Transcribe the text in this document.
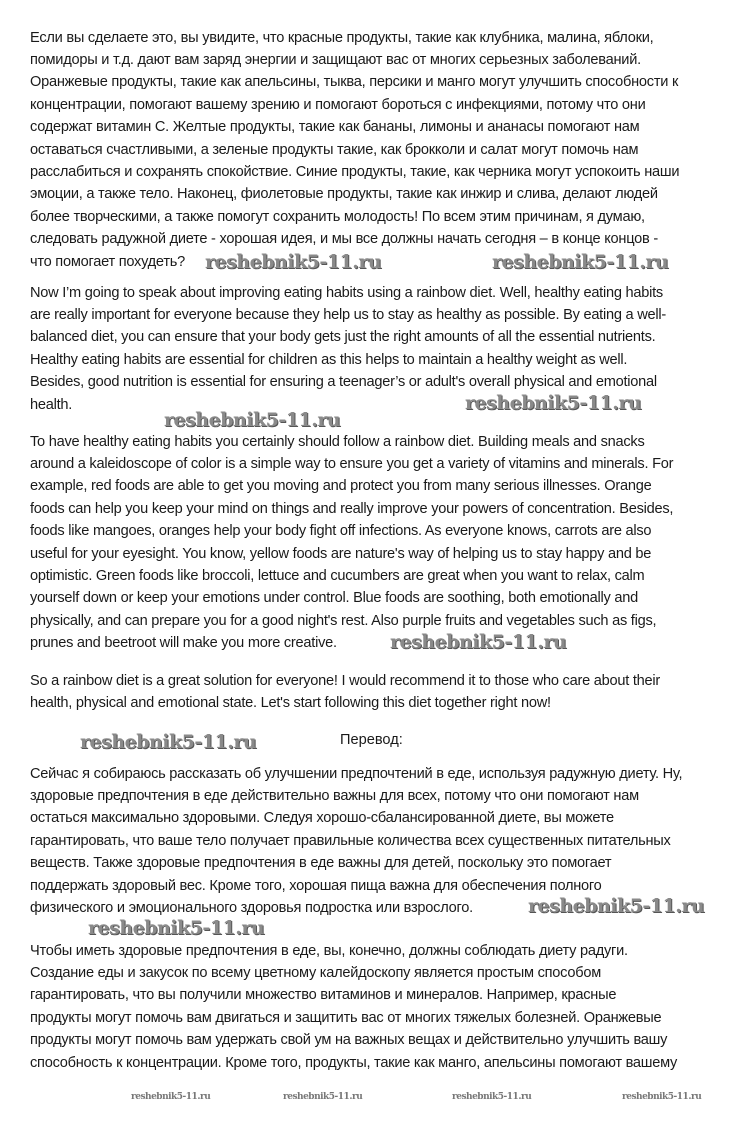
Если вы сделаете это, вы увидите, что красные продукты, такие как клубника, малина, яблоки,
помидоры и т.д. дают вам заряд энергии и защищают вас от многих серьезных заболеваний.
Оранжевые продукты, такие как апельсины, тыква, персики и манго могут улучшить способности к
концентрации, помогают вашему зрению и помогают бороться с инфекциями, потому что они
содержат витамин С. Желтые продукты, такие как бананы, лимоны и ананасы помогают нам
оставаться счастливыми, а зеленые продукты такие, как брокколи и салат могут помочь нам
расслабиться и сохранять спокойствие. Синие продукты, такие, как черника могут успокоить наши
эмоции, а также тело. Наконец, фиолетовые продукты, такие как инжир и слива, делают людей
более творческими, а также помогут сохранить молодость! По всем этим причинам, я думаю,
следовать радужной диете - хорошая идея, и мы все должны начать сегодня – в конце концов -
что помогает похудеть?

Now I’m going to speak about improving eating habits using a rainbow diet. Well, healthy eating habits
are really important for everyone because they help us to stay as healthy as possible. By eating a well-
balanced diet, you can ensure that your body gets just the right amounts of all the essential nutrients.
Healthy eating habits are essential for children as this helps to maintain a healthy weight as well.
Besides, good nutrition is essential for ensuring a teenager’s or adult's overall physical and emotional
health.

To have healthy eating habits you certainly should follow a rainbow diet. Building meals and snacks
around a kaleidoscope of color is a simple way to ensure you get a variety of vitamins and minerals. For
example, red foods are able to get you moving and protect you from many serious illnesses. Orange
foods can help you keep your mind on things and really improve your powers of concentration. Besides,
foods like mangoes, oranges help your body fight off infections. As everyone knows, carrots are also
useful for your eyesight. You know, yellow foods are nature's way of helping us to stay happy and be
optimistic. Green foods like broccoli, lettuce and cucumbers are great when you want to relax, calm
yourself down or keep your emotions under control. Blue foods are soothing, both emotionally and
physically, and can prepare you for a good night's rest. Also purple fruits and vegetables such as figs,
prunes and beetroot will make you more creative.

So a rainbow diet is a great solution for everyone! I would recommend it to those who care about their
health, physical and emotional state. Let's start following this diet together right now!

Перевод:

Сейчас я собираюсь рассказать об улучшении предпочтений в еде, используя радужную диету. Ну,
здоровые предпочтения в еде действительно важны для всех, потому что они помогают нам
остаться максимально здоровыми. Следуя хорошо-сбалансированной диете, вы можете
гарантировать, что ваше тело получает правильные количества всех существенных питательных
веществ. Также здоровые предпочтения в еде важны для детей, поскольку это помогает
поддержать здоровый вес. Кроме того, хорошая пища важна для обеспечения полного
физического и эмоционального здоровья подростка или взрослого.

Чтобы иметь здоровые предпочтения в еде, вы, конечно, должны соблюдать диету радуги.
Создание еды и закусок по всему цветному калейдоскопу является простым способом
гарантировать, что вы получили множество витаминов и минералов. Например, красные
продукты могут помочь вам двигаться и защитить вас от многих тяжелых болезней. Оранжевые
продукты могут помочь вам удержать свой ум на важных вещах и действительно улучшить вашу
способность к концентрации. Кроме того, продукты, такие как манго, апельсины помогают вашему

reshebnik5-11.ru	reshebnik5-11.ru	reshebnik5-11.ru
reshebnik5-11.ru	reshebnik5-11.ru
reshebnik5-11.ru
reshebnik5-11.ru
reshebnik5-11.ru
reshebnik5-11.ru
reshebnik5-11.ru
reshebnik5-11.ru
reshebnik5-11.ru
